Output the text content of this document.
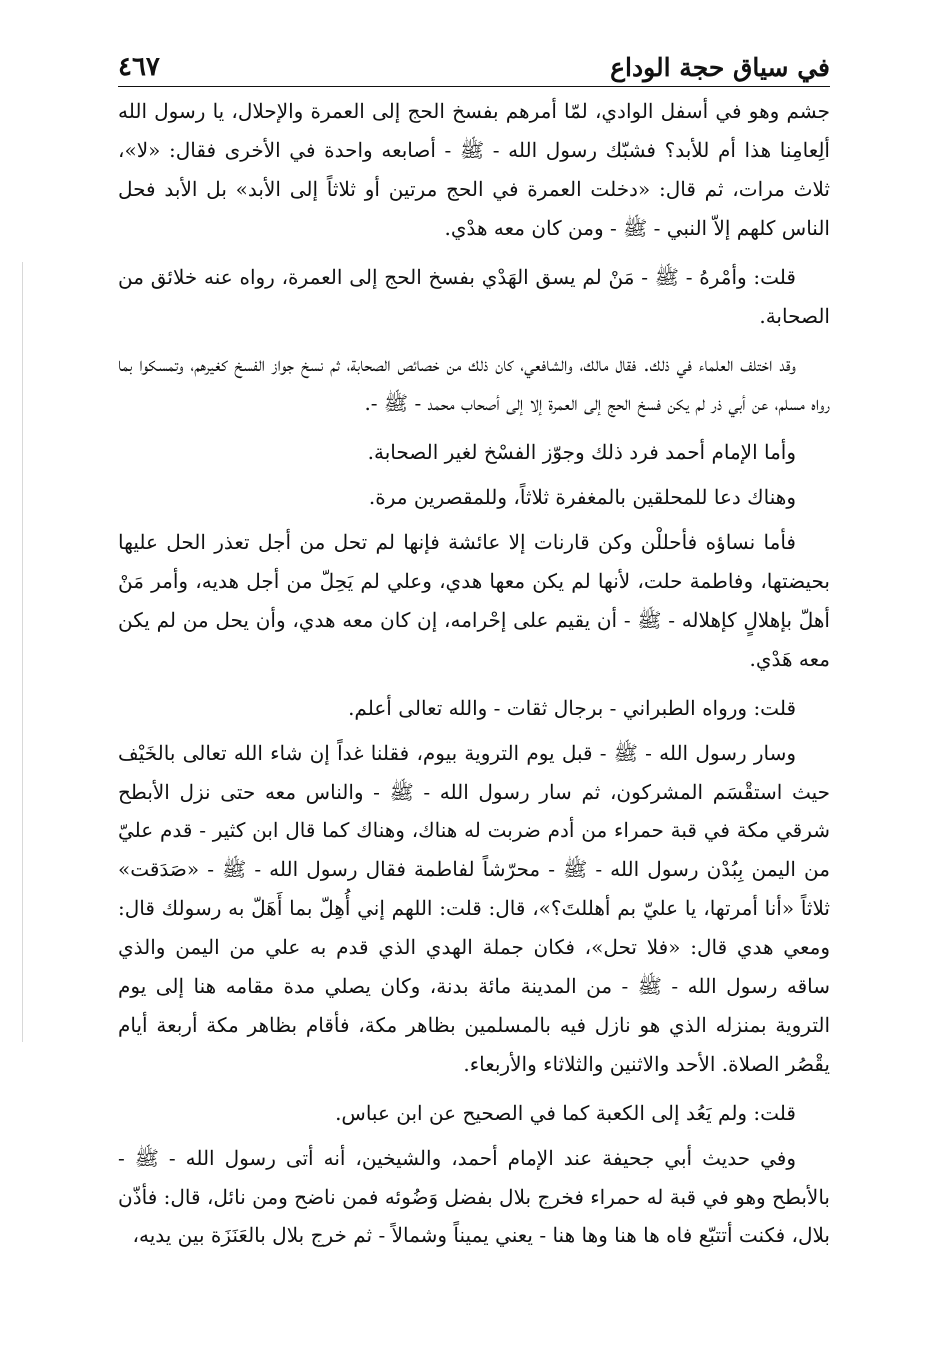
في سياق حجة الوداع
٤٦٧

جشم وهو في أسفل الوادي، لمّا أمرهم بفسخ الحج إلى العمرة والإحلال، يا رسول الله ألِعامِنا هذا أم للأبد؟ فشبّك رسول الله - ﷺ - أصابعه واحدة في الأخرى فقال: «لا»، ثلاث مرات، ثم قال: «دخلت العمرة في الحج مرتين أو ثلاثاً إلى الأبد» بل الأبد فحل الناس كلهم إلاّ النبي - ﷺ - ومن كان معه هدْي.

قلت: وأمْرهُ - ﷺ - مَنْ لم يسق الهَدْي بفسخ الحج إلى العمرة، رواه عنه خلائق من الصحابة.

وقد اختلف العلماء في ذلك. فقال مالك، والشافعي، كان ذلك من خصائص الصحابة، ثم نسخ جواز الفسخ كغيرهم، وتمسكوا بما رواه مسلم، عن أبي ذر لم يكن فسخ الحج إلى العمرة إلا إلى أصحاب محمد - ﷺ -.

وأما الإمام أحمد فرد ذلك وجوّز الفسْخ لغير الصحابة.

وهناك دعا للمحلقين بالمغفرة ثلاثاً، وللمقصرين مرة.

فأما نساؤه فأحللْن وكن قارنات إلا عائشة فإنها لم تحل من أجل تعذر الحل عليها بحيضتها، وفاطمة حلت، لأنها لم يكن معها هدي، وعلي لم يَحِلّ من أجل هديه، وأمر مَنْ أهلّ بإهلالٍ كإهلاله - ﷺ - أن يقيم على إحْرامه، إن كان معه هدي، وأن يحل من لم يكن معه هَدْي.

قلت: ورواه الطبراني - برجال ثقات - والله تعالى أعلم.

وسار رسول الله - ﷺ - قبل يوم التروية بيوم، فقلنا غداً إن شاء الله تعالى بالخَيْف حيث استقْسَم المشركون، ثم سار رسول الله - ﷺ - والناس معه حتى نزل الأبطح شرقي مكة في قبة حمراء من أدم ضربت له هناك، وهناك كما قال ابن كثير - قدم عليّ من اليمن بِبُدْن رسول الله - ﷺ - محرّشاً لفاطمة فقال رسول الله - ﷺ - «صَدَقت» ثلاثاً «أنا أمرتها، يا عليّ بم أهللتَ؟»، قال: قلت: اللهم إني أُهِلّ بما أَهَلّ به رسولك قال: ومعي هدي قال: «فلا تحل»، فكان جملة الهدي الذي قدم به علي من اليمن والذي ساقه رسول الله - ﷺ - من المدينة مائة بدنة، وكان يصلي مدة مقامه هنا إلى يوم التروية بمنزله الذي هو نازل فيه بالمسلمين بظاهر مكة، فأقام بظاهر مكة أربعة أيام يقْصُر الصلاة. الأحد والاثنين والثلاثاء والأربعاء.

قلت: ولم يَعُد إلى الكعبة كما في الصحيح عن ابن عباس.

وفي حديث أبي جحيفة عند الإمام أحمد، والشيخين، أنه أتى رسول الله - ﷺ - بالأبطح وهو في قبة له حمراء فخرج بلال بفضل وَضُوئه فمن ناضح ومن نائل، قال: فأذّن بلال، فكنت أتتبّع فاه ها هنا وها هنا - يعني يميناً وشمالاً - ثم خرج بلال بالعَنَزَة بين يديه،
